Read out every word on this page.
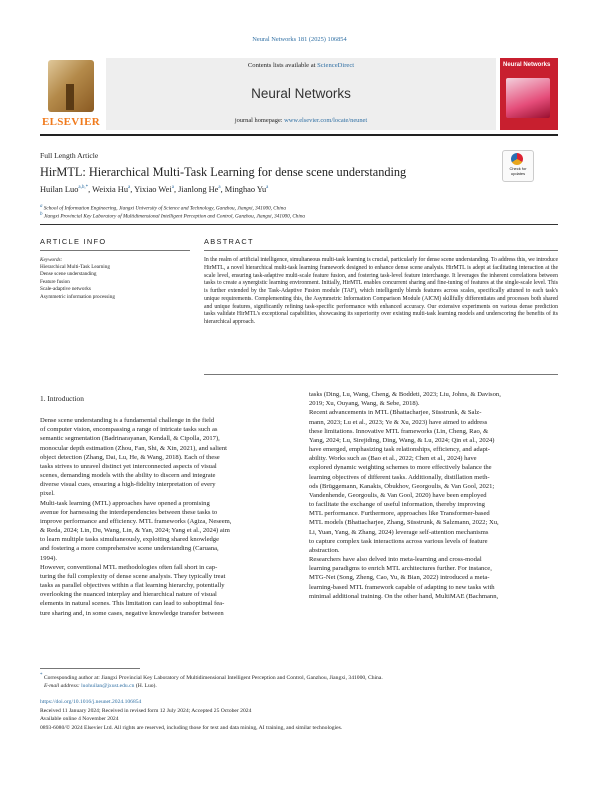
Neural Networks 181 (2025) 106854
ELSEVIER
Contents lists available at ScienceDirect
Neural Networks
journal homepage: www.elsevier.com/locate/neunet
Neural Networks
Full Length Article
Check for
updates
HirMTL: Hierarchical Multi-Task Learning for dense scene understanding
Huilan Luo$^{a,b,*}$, Weixia Hu$^a$, Yixiao Wei$^a$, Jianlong He$^a$, Minghao Yu$^a$
$^a$ School of Information Engineering, Jiangxi University of Science and Technology, Ganzhou, Jiangxi, 341000, China
$^b$ Jiangxi Provincial Key Laboratory of Multidimensional Intelligent Perception and Control, Ganzhou, Jiangxi, 341000, China
ARTICLE INFO	ABSTRACT
Keywords:
Hierarchical Multi-Task Learning
Dense scene understanding
Feature fusion
Scale-adaptive networks
Asymmetric information processing
In the realm of artificial intelligence, simultaneous multi-task learning is crucial, particularly for dense scene understanding. To address this, we introduce HirMTL, a novel hierarchical multi-task learning framework designed to enhance dense scene analysis. HirMTL is adept at facilitating interaction at the scale level, ensuring task-adaptive multi-scale feature fusion, and fostering task-level feature interchange. It leverages the inherent correlations between tasks to create a synergistic learning environment. Initially, HirMTL enables concurrent sharing and fine-tuning of features at the single-scale level. This is further extended by the Task-Adaptive Fusion module (TAF), which intelligently blends features across scales, specifically attuned to each task's unique requirements. Complementing this, the Asymmetric Information Comparison Module (AICM) skillfully differentiates and processes both shared and unique features, significantly refining task-specific performance with enhanced accuracy. Our extensive experiments on various dense prediction tasks validate HirMTL's exceptional capabilities, showcasing its superiority over existing multi-task learning models and underscoring the benefits of its hierarchical approach.
1. Introduction
Dense scene understanding is a fundamental challenge in the field
of computer vision, encompassing a range of intricate tasks such as
semantic segmentation (Badrinarayanan, Kendall, & Cipolla, 2017),
monocular depth estimation (Zhou, Fan, Shi, & Xin, 2021), and salient
object detection (Zhang, Dai, Lu, He, & Wang, 2018). Each of these
tasks strives to unravel distinct yet interconnected aspects of visual
scenes, demanding models with the ability to discern and integrate
diverse visual cues, ensuring a high-fidelity interpretation of every
pixel.
Multi-task learning (MTL) approaches have opened a promising
avenue for harnessing the interdependencies between these tasks to
improve performance and efficiency. MTL frameworks (Agiza, Neseem,
& Reda, 2024; Lin, Du, Wang, Lin, & Yan, 2024; Yang et al., 2024) aim
to learn multiple tasks simultaneously, exploiting shared knowledge
and fostering a more comprehensive scene understanding (Caruana,
1994).
However, conventional MTL methodologies often fall short in cap-
turing the full complexity of dense scene analysis. They typically treat
tasks as parallel objectives within a flat learning hierarchy, potentially
overlooking the nuanced interplay and hierarchical nature of visual
elements in natural scenes. This limitation can lead to suboptimal fea-
ture sharing and, in some cases, negative knowledge transfer between
tasks (Ding, Lu, Wang, Cheng, & Boddeti, 2023; Liu, Johns, & Davison,
2019; Xu, Ouyang, Wang, & Sebe, 2018).
Recent advancements in MTL (Bhattacharjee, Süsstrunk, & Salz-
mann, 2023; Lu et al., 2023; Ye & Xu, 2023) have aimed to address
these limitations. Innovative MTL frameworks (Lin, Cheng, Rao, &
Yang, 2024; Lu, Sirejiding, Ding, Wang, & Lu, 2024; Qin et al., 2024)
have emerged, emphasizing task relationships, efficiency, and adapt-
ability. Works such as (Bao et al., 2022; Chen et al., 2024) have
explored dynamic weighting schemes to more effectively balance the
learning objectives of different tasks. Additionally, distillation meth-
ods (Brüggemann, Kanakis, Obukhov, Georgoulis, & Van Gool, 2021;
Vandenhende, Georgoulis, & Van Gool, 2020) have been employed
to facilitate the exchange of useful information, thereby improving
MTL performance. Furthermore, approaches like Transformer-based
MTL models (Bhattacharjee, Zhang, Süsstrunk, & Salzmann, 2022; Xu,
Li, Yuan, Yang, & Zhang, 2024) leverage self-attention mechanisms
to capture complex task interactions across various levels of feature
abstraction.
Researchers have also delved into meta-learning and cross-modal
learning paradigms to enrich MTL architectures further. For instance,
MTG-Net (Song, Zheng, Cao, Yu, & Bian, 2022) introduced a meta-
learning-based MTL framework capable of adapting to new tasks with
minimal additional training. On the other hand, MultiMAE (Bachmann,
* Corresponding author at: Jiangxi Provincial Key Laboratory of Multidimensional Intelligent Perception and Control, Ganzhou, Jiangxi, 341000, China.
E-mail address: luohuilan@jxust.edu.cn (H. Luo).
https://doi.org/10.1016/j.neunet.2024.106854
Received 11 January 2024; Received in revised form 12 July 2024; Accepted 25 October 2024
Available online 4 November 2024
0893-6080/© 2024 Elsevier Ltd. All rights are reserved, including those for text and data mining, AI training, and similar technologies.
